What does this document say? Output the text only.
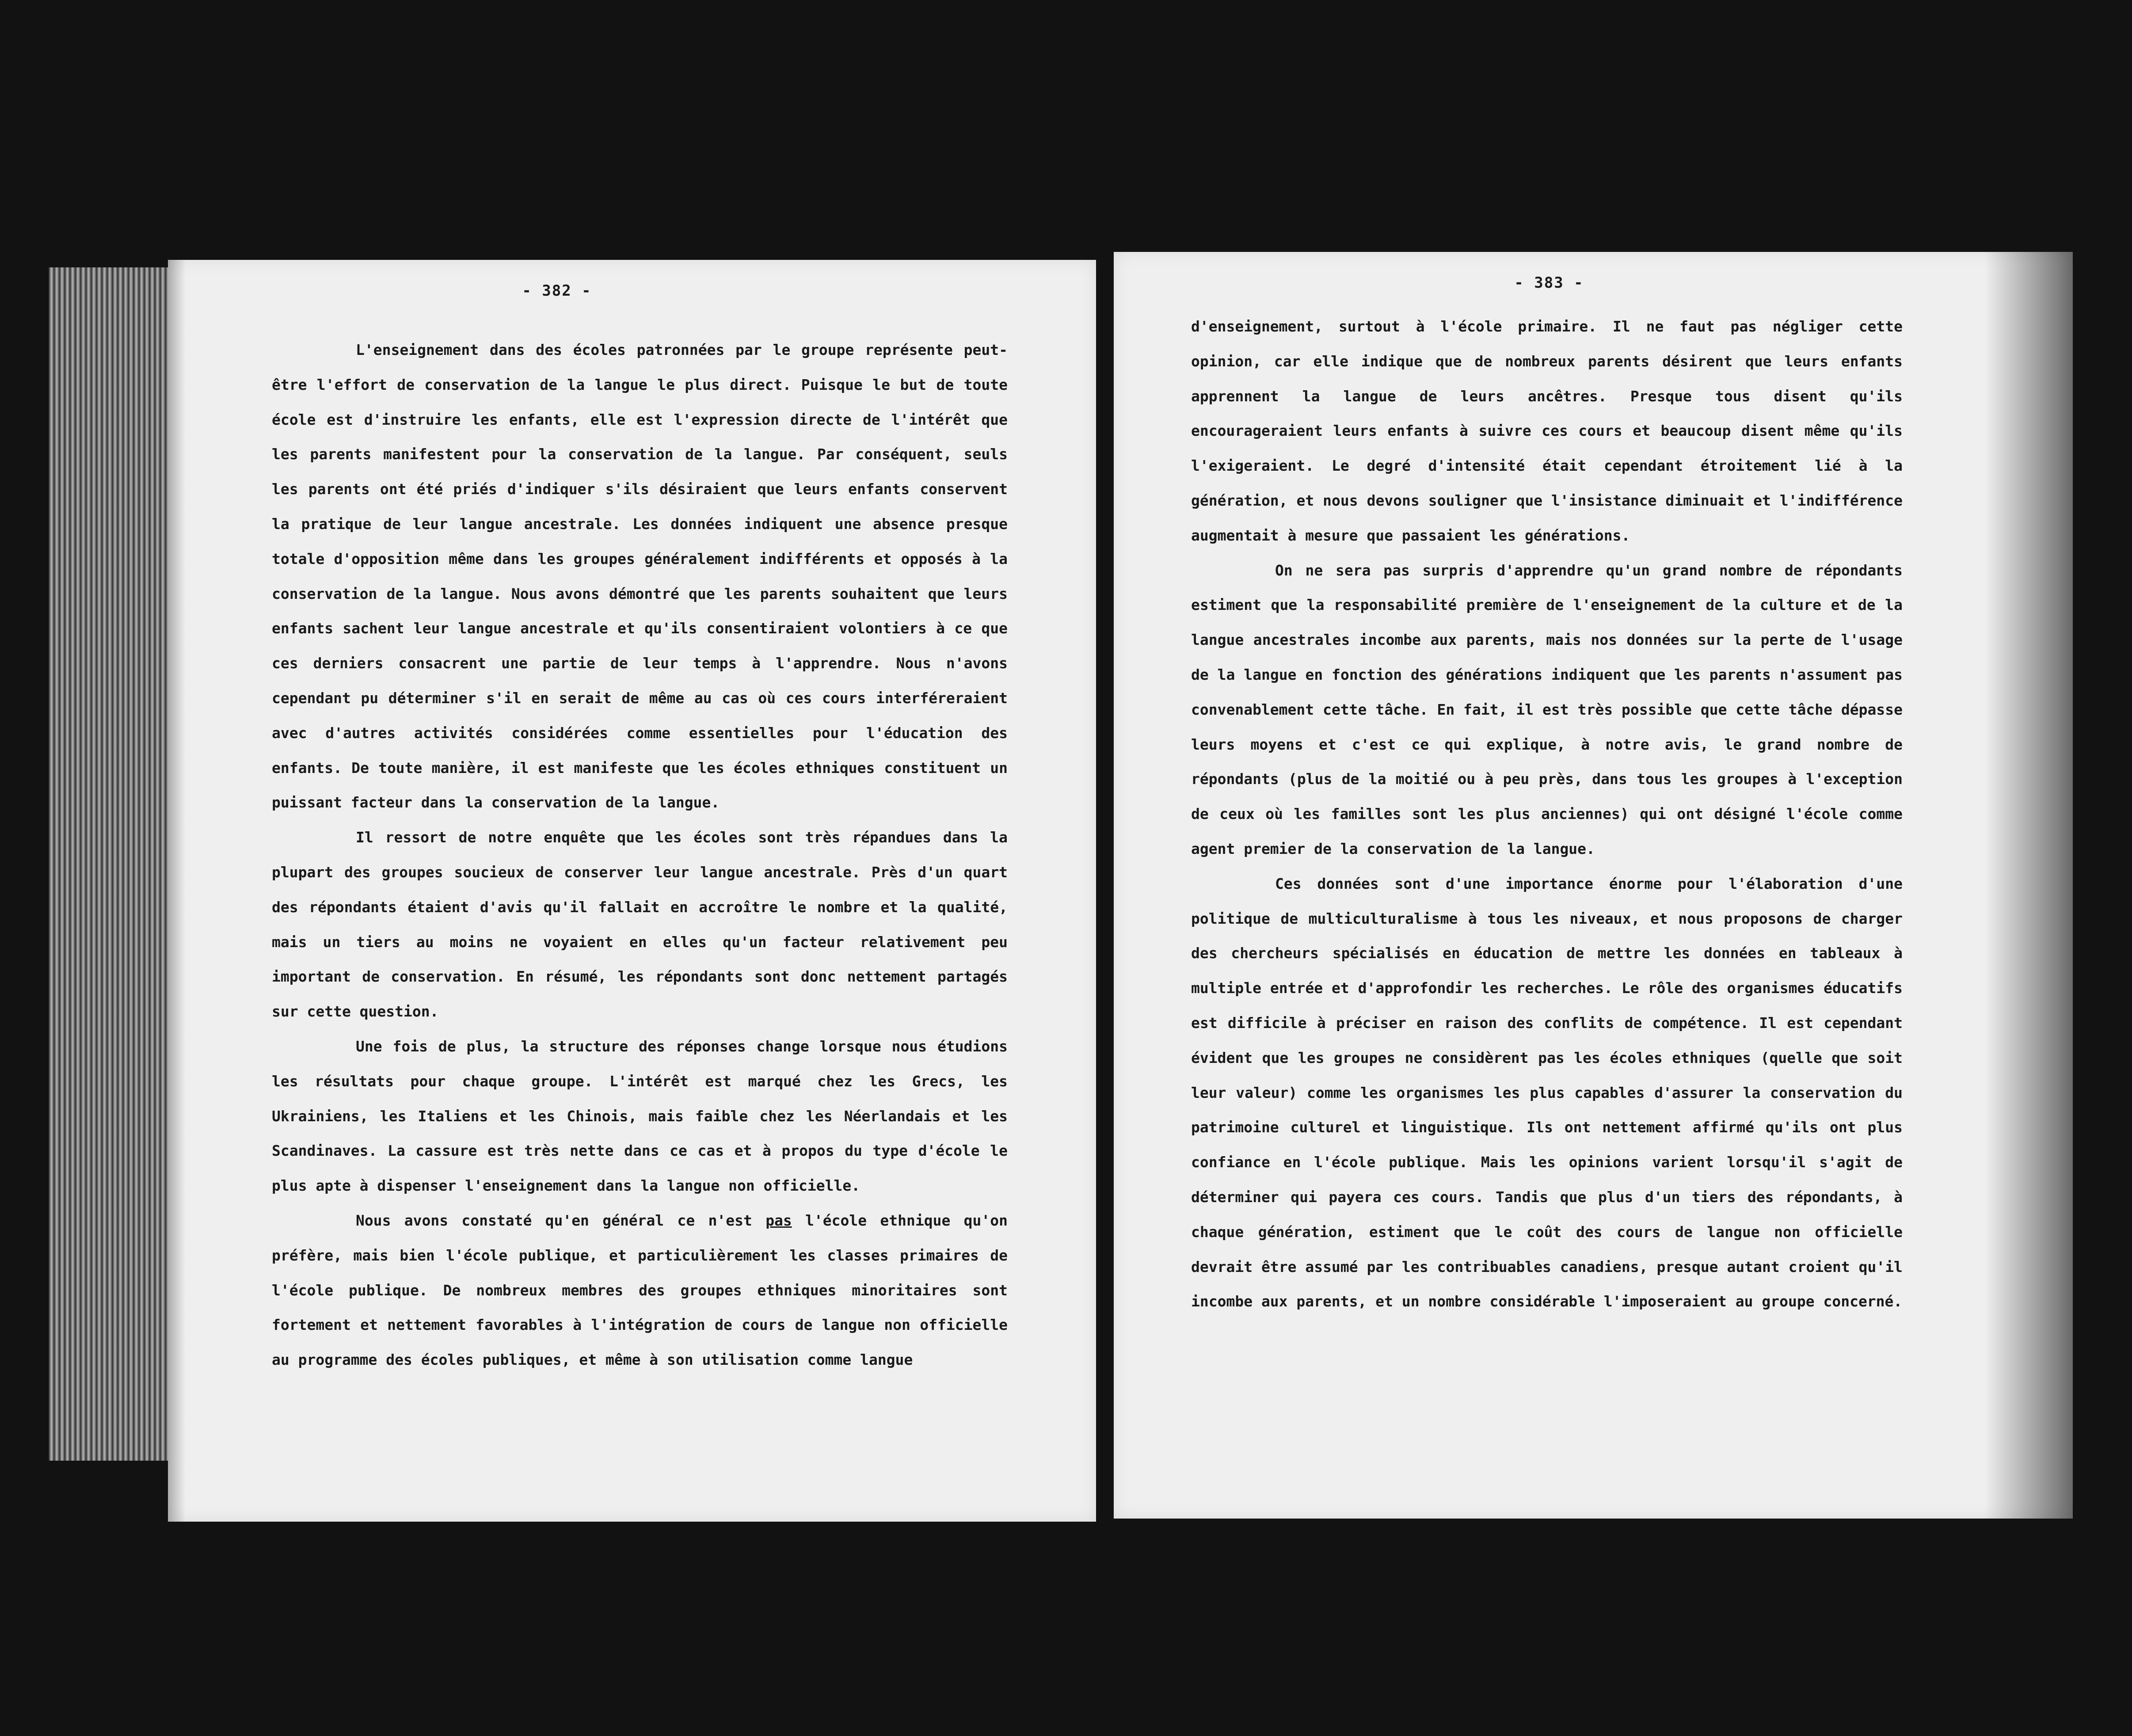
- 382 -

L'enseignement dans des écoles patronnées par le groupe représente peut-être l'effort de conservation de la langue le plus direct. Puisque le but de toute école est d'instruire les enfants, elle est l'expression directe de l'intérêt que les parents manifestent pour la conservation de la langue. Par conséquent, seuls les parents ont été priés d'indiquer s'ils désiraient que leurs enfants conservent la pratique de leur langue ancestrale. Les données indiquent une absence presque totale d'opposition même dans les groupes généralement indifférents et opposés à la conservation de la langue. Nous avons démontré que les parents souhaitent que leurs enfants sachent leur langue ancestrale et qu'ils consentiraient volontiers à ce que ces derniers consacrent une partie de leur temps à l'apprendre. Nous n'avons cependant pu déterminer s'il en serait de même au cas où ces cours interféreraient avec d'autres activités considérées comme essentielles pour l'éducation des enfants. De toute manière, il est manifeste que les écoles ethniques constituent un puissant facteur dans la conservation de la langue.

Il ressort de notre enquête que les écoles sont très répandues dans la plupart des groupes soucieux de conserver leur langue ancestrale. Près d'un quart des répondants étaient d'avis qu'il fallait en accroître le nombre et la qualité, mais un tiers au moins ne voyaient en elles qu'un facteur relativement peu important de conservation. En résumé, les répondants sont donc nettement partagés sur cette question.

Une fois de plus, la structure des réponses change lorsque nous étudions les résultats pour chaque groupe. L'intérêt est marqué chez les Grecs, les Ukrainiens, les Italiens et les Chinois, mais faible chez les Néerlandais et les Scandinaves. La cassure est très nette dans ce cas et à propos du type d'école le plus apte à dispenser l'enseignement dans la langue non officielle.

Nous avons constaté qu'en général ce n'est pas l'école ethnique qu'on préfère, mais bien l'école publique, et particulièrement les classes primaires de l'école publique. De nombreux membres des groupes ethniques minoritaires sont fortement et nettement favorables à l'intégration de cours de langue non officielle au programme des écoles publiques, et même à son utilisation comme langue

- 383 -

d'enseignement, surtout à l'école primaire. Il ne faut pas négliger cette opinion, car elle indique que de nombreux parents désirent que leurs enfants apprennent la langue de leurs ancêtres. Presque tous disent qu'ils encourageraient leurs enfants à suivre ces cours et beaucoup disent même qu'ils l'exigeraient. Le degré d'intensité était cependant étroitement lié à la génération, et nous devons souligner que l'insistance diminuait et l'indifférence augmentait à mesure que passaient les générations.

On ne sera pas surpris d'apprendre qu'un grand nombre de répondants estiment que la responsabilité première de l'enseignement de la culture et de la langue ancestrales incombe aux parents, mais nos données sur la perte de l'usage de la langue en fonction des générations indiquent que les parents n'assument pas convenablement cette tâche. En fait, il est très possible que cette tâche dépasse leurs moyens et c'est ce qui explique, à notre avis, le grand nombre de répondants (plus de la moitié ou à peu près, dans tous les groupes à l'exception de ceux où les familles sont les plus anciennes) qui ont désigné l'école comme agent premier de la conservation de la langue.

Ces données sont d'une importance énorme pour l'élaboration d'une politique de multiculturalisme à tous les niveaux, et nous proposons de charger des chercheurs spécialisés en éducation de mettre les données en tableaux à multiple entrée et d'approfondir les recherches. Le rôle des organismes éducatifs est difficile à préciser en raison des conflits de compétence. Il est cependant évident que les groupes ne considèrent pas les écoles ethniques (quelle que soit leur valeur) comme les organismes les plus capables d'assurer la conservation du patrimoine culturel et linguistique. Ils ont nettement affirmé qu'ils ont plus confiance en l'école publique. Mais les opinions varient lorsqu'il s'agit de déterminer qui payera ces cours. Tandis que plus d'un tiers des répondants, à chaque génération, estiment que le coût des cours de langue non officielle devrait être assumé par les contribuables canadiens, presque autant croient qu'il incombe aux parents, et un nombre considérable l'imposeraient au groupe concerné.
